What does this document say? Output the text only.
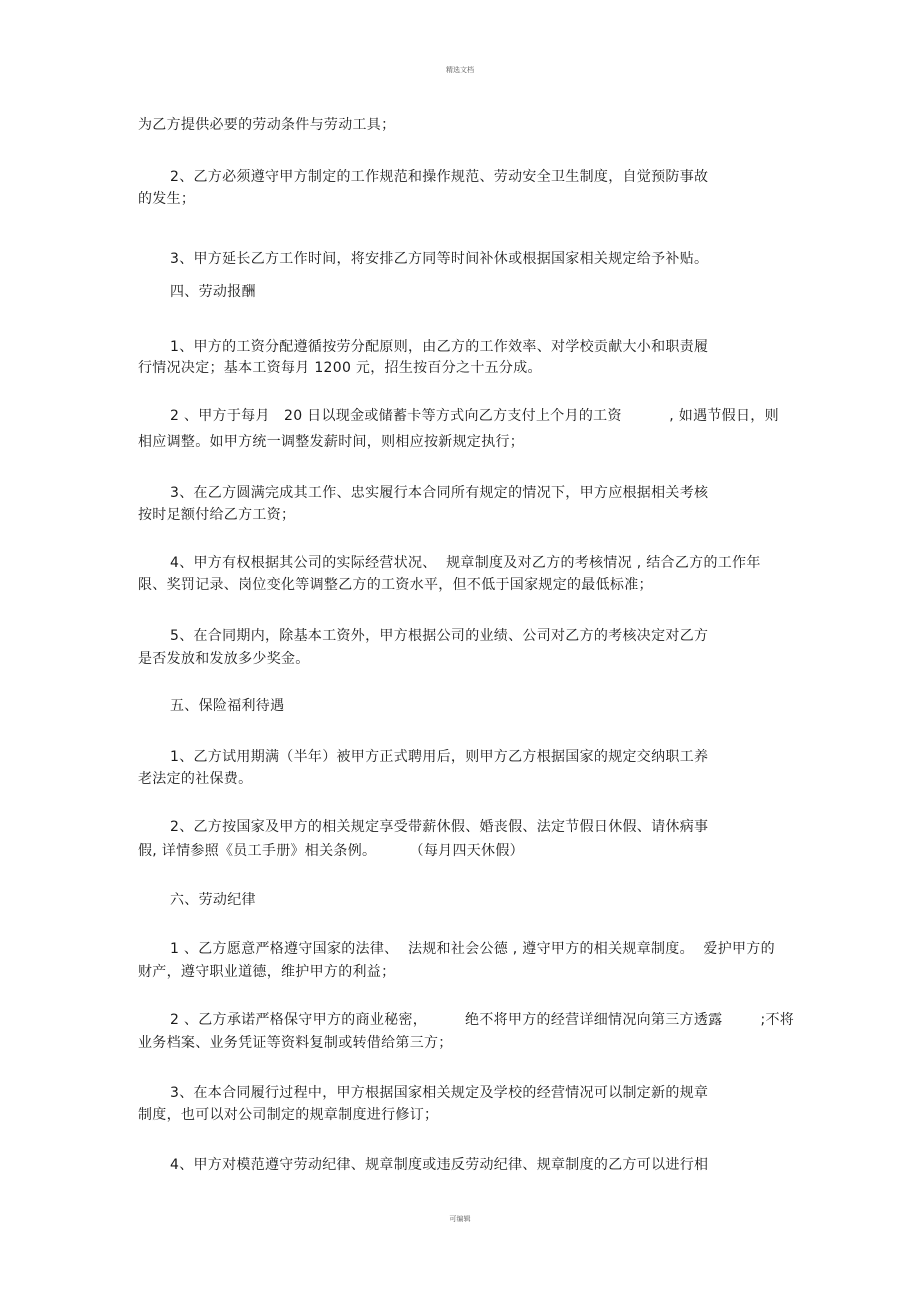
精选文档
为乙方提供必要的劳动条件与劳动工具；
2、乙方必须遵守甲方制定的工作规范和操作规范、劳动安全卫生制度，自觉预防事故
的发生；
3、甲方延长乙方工作时间，将安排乙方同等时间补休或根据国家相关规定给予补贴。
四、劳动报酬
1、甲方的工资分配遵循按劳分配原则，由乙方的工作效率、对学校贡献大小和职责履
行情况决定；基本工资每月 1200 元，招生按百分之十五分成。
2 、甲方于每月   20 日以现金或储蓄卡等方式向乙方支付上个月的工资          , 如遇节假日，则
相应调整。如甲方统一调整发薪时间，则相应按新规定执行；
3、在乙方圆满完成其工作、忠实履行本合同所有规定的情况下，甲方应根据相关考核
按时足额付给乙方工资；
4、甲方有权根据其公司的实际经营状况、  规章制度及对乙方的考核情况 , 结合乙方的工作年
限、奖罚记录、岗位变化等调整乙方的工资水平，但不低于国家规定的最低标准；
5、在合同期内，除基本工资外，甲方根据公司的业绩、公司对乙方的考核决定对乙方
是否发放和发放多少奖金。
五、保险福利待遇
1、乙方试用期满（半年）被甲方正式聘用后，则甲方乙方根据国家的规定交纳职工养
老法定的社保费。
2、乙方按国家及甲方的相关规定享受带薪休假、婚丧假、法定节假日休假、请休病事
假, 详情参照《员工手册》相关条例。       （每月四天休假）
六、劳动纪律
1 、乙方愿意严格遵守国家的法律、  法规和社会公德 , 遵守甲方的相关规章制度。  爱护甲方的
财产，遵守职业道德，维护甲方的利益；
2 、乙方承诺严格保守甲方的商业秘密，        绝不将甲方的经营详细情况向第三方透露        ;不将
业务档案、业务凭证等资料复制或转借给第三方；
3、在本合同履行过程中，甲方根据国家相关规定及学校的经营情况可以制定新的规章
制度，也可以对公司制定的规章制度进行修订；
4、甲方对模范遵守劳动纪律、规章制度或违反劳动纪律、规章制度的乙方可以进行相
可编辑
